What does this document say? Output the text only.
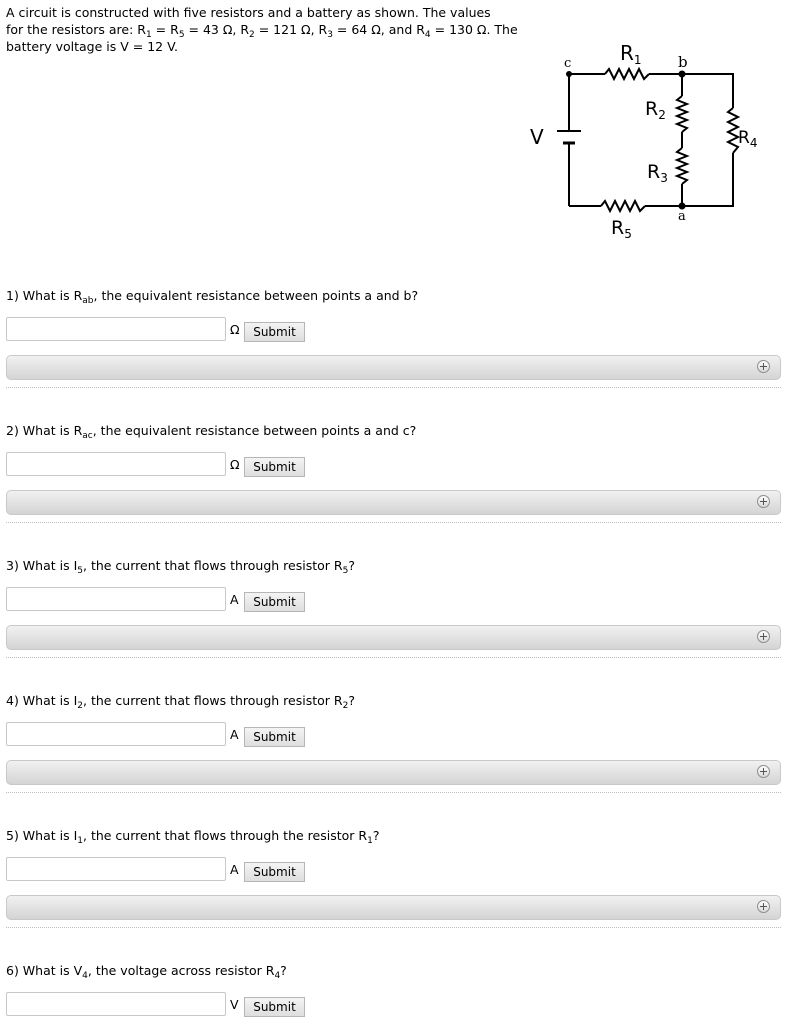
A circuit is constructed with five resistors and a battery as shown. The values
for the resistors are: $R_1 = R_5 = 43$ Ω, $R_2 = 121$ Ω, $R_3 = 64$ Ω, and $R_4 = 130$ Ω. The
battery voltage is V = 12 V.
c	b
a
$R_1$
$R_2$
$R_3$
$R_4$
$R_5$
V
1) What is $R_{ab}$, the equivalent resistance between points a and b?
Ω	Submit
2) What is $R_{ac}$, the equivalent resistance between points a and c?
Ω	Submit
3) What is $I_5$, the current that flows through resistor $R_5$?
A	Submit
4) What is $I_2$, the current that flows through resistor $R_2$?
A	Submit
5) What is $I_1$, the current that flows through the resistor $R_1$?
A	Submit
6) What is $V_4$, the voltage across resistor $R_4$?
V	Submit
